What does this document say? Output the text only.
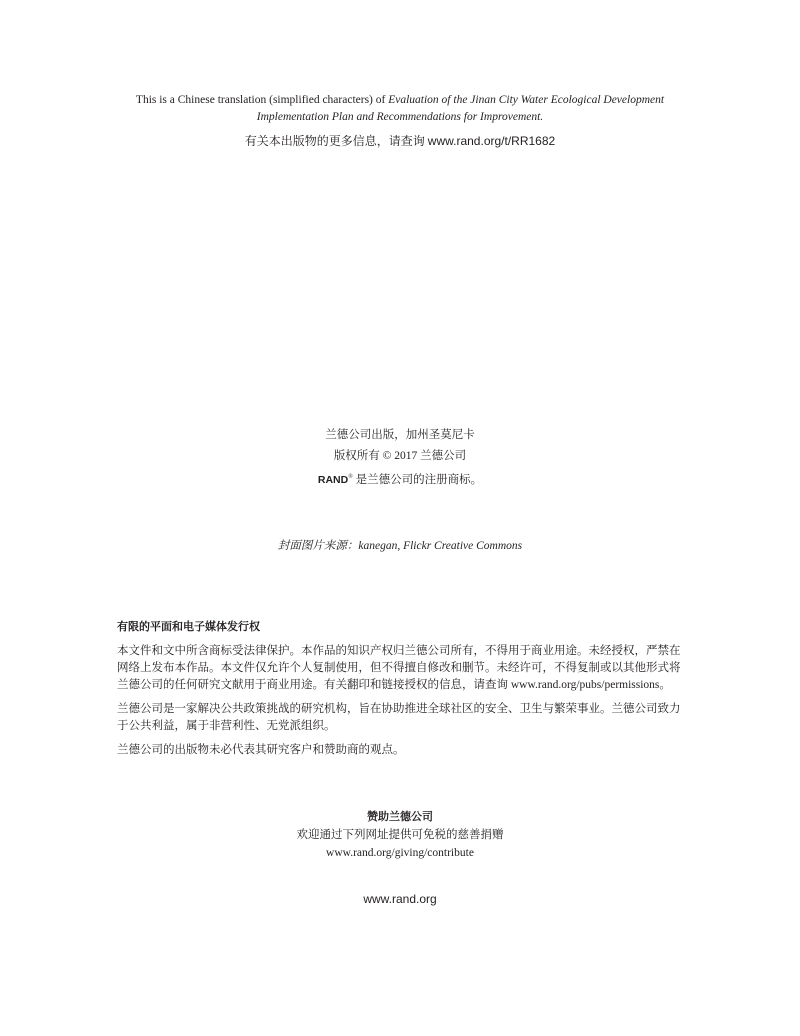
This is a Chinese translation (simplified characters) of Evaluation of the Jinan City Water Ecological Development
Implementation Plan and Recommendations for Improvement.
有关本出版物的更多信息，请查询 www.rand.org/t/RR1682
兰德公司出版，加州圣莫尼卡
版权所有 © 2017 兰德公司
RAND® 是兰德公司的注册商标。
封面图片来源：kanegan, Flickr Creative Commons
有限的平面和电子媒体发行权

本文件和文中所含商标受法律保护。本作品的知识产权归兰德公司所有，不得用于商业用途。未经授权，严禁在网络上发布本作品。本文件仅允许个人复制使用，但不得擅自修改和删节。未经许可，不得复制或以其他形式将兰德公司的任何研究文献用于商业用途。有关翻印和链接授权的信息，请查询 www.rand.org/pubs/permissions。

兰德公司是一家解决公共政策挑战的研究机构，旨在协助推进全球社区的安全、卫生与繁荣事业。兰德公司致力于公共利益，属于非营利性、无党派组织。

兰德公司的出版物未必代表其研究客户和赞助商的观点。

赞助兰德公司
欢迎通过下列网址提供可免税的慈善捐赠
www.rand.org/giving/contribute
www.rand.org
